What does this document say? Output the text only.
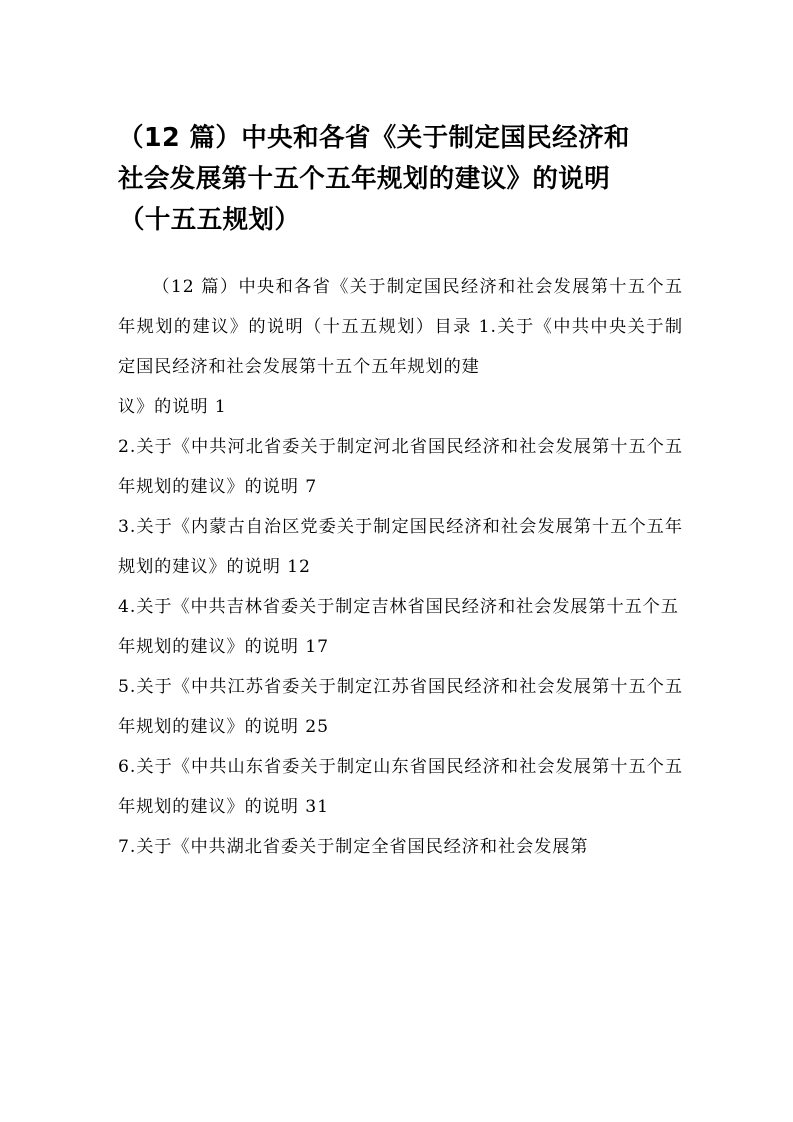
（12 篇）中央和各省《关于制定国民经济和
社会发展第十五个五年规划的建议》的说明
（十五五规划）

（12 篇）中央和各省《关于制定国民经济和社会发展第十五个五年规划的建议》的说明（十五五规划）目录 1.关于《中共中央关于制定国民经济和社会发展第十五个五年规划的建

议》的说明 1

2.关于《中共河北省委关于制定河北省国民经济和社会发展第十五个五年规划的建议》的说明 7

3.关于《内蒙古自治区党委关于制定国民经济和社会发展第十五个五年规划的建议》的说明 12

4.关于《中共吉林省委关于制定吉林省国民经济和社会发展第十五个五

年规划的建议》的说明 17

5.关于《中共江苏省委关于制定江苏省国民经济和社会发展第十五个五年规划的建议》的说明 25

6.关于《中共山东省委关于制定山东省国民经济和社会发展第十五个五年规划的建议》的说明 31

7.关于《中共湖北省委关于制定全省国民经济和社会发展第
